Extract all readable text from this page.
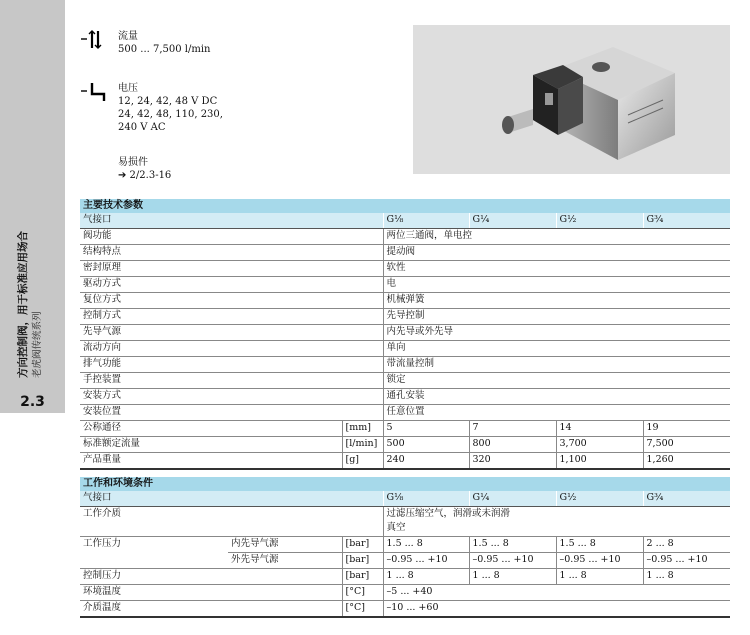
方向控制阀，用于标准应用场合 老虎阀传统系列
2.3
流量
500 ... 7,500 l/min
电压
12, 24, 42, 48 V DC
24, 42, 48, 110, 230,
240 V AC
易损件
➔ 2/2.3-16
主要技术参数					
气接口		G⅛	G¼	G½	G¾
阀功能		两位三通阀，单电控			
结构特点		提动阀			
密封原理		软性			
驱动方式		电			
复位方式		机械弹簧			
控制方式		先导控制			
先导气源		内先导或外先导			
流动方向		单向			
排气功能		带流量控制			
手控装置		锁定			
安装方式		通孔安装			
安装位置		任意位置			
公称通径	[mm]	5	7	14	19
标准额定流量	[l/min]	500	800	3,700	7,500
产品重量	[g]	240	320	1,100	1,260
工作和环境条件						
气接口			G⅛	G¼	G½	G¾
工作介质			过滤压缩空气，润滑或未润滑
真空			

工作压力	内先导气源	[bar]	1.5 ... 8	1.5 ... 8	1.5 ... 8	2 ... 8
	外先导气源	[bar]	–0.95 ... +10	–0.95 ... +10	–0.95 ... +10	–0.95 ... +10
控制压力		[bar]	1 ... 8	1 ... 8	1 ... 8	1 ... 8
环境温度		[°C]	–5 ... +40			
介质温度		[°C]	–10 ... +60			
